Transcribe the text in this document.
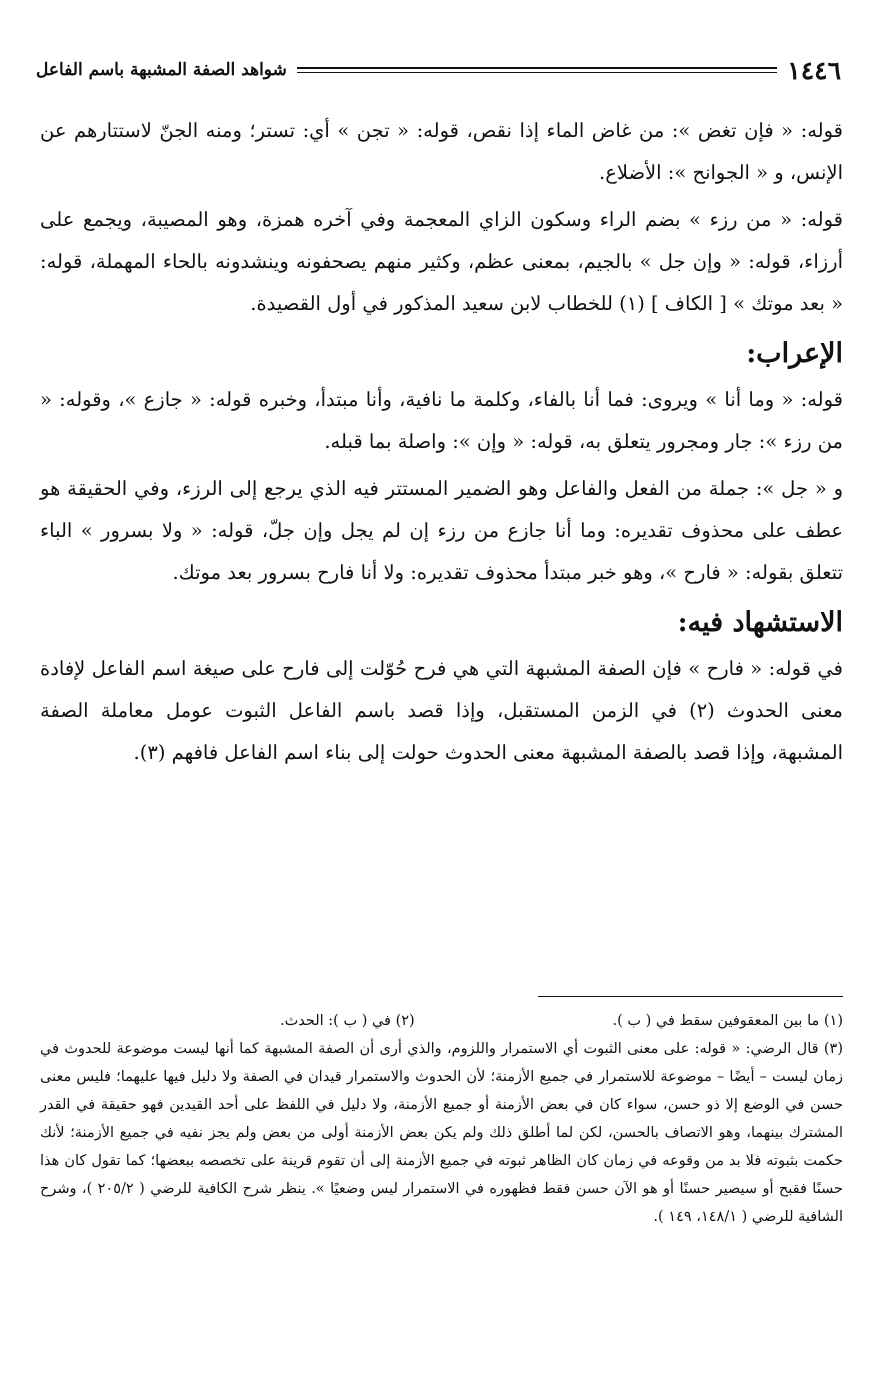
١٤٤٦
شواهد الصفة المشبهة باسم الفاعل

قوله: « فإن تغض »: من غاض الماء إذا نقص، قوله: « تجن » أي: تستر؛ ومنه الجنّ لاستتارهم عن الإنس، و « الجوانح »: الأضلاع.

قوله: « من رزء » بضم الراء وسكون الزاي المعجمة وفي آخره همزة، وهو المصيبة، ويجمع على أرزاء، قوله: « وإن جل » بالجيم، بمعنى عظم، وكثير منهم يصحفونه وينشدونه بالحاء المهملة، قوله: « بعد موتك » [ الكاف ] (١) للخطاب لابن سعيد المذكور في أول القصيدة.

الإعراب:

قوله: « وما أنا » ويروى: فما أنا بالفاء، وكلمة ما نافية، وأنا مبتدأ، وخبره قوله: « جازع »، وقوله: « من رزء »: جار ومجرور يتعلق به، قوله: « وإن »: واصلة بما قبله.

و « جل »: جملة من الفعل والفاعل وهو الضمير المستتر فيه الذي يرجع إلى الرزء، وفي الحقيقة هو عطف على محذوف تقديره: وما أنا جازع من رزء إن لم يجل وإن جلّ، قوله: « ولا بسرور » الباء تتعلق بقوله: « فارح »، وهو خبر مبتدأ محذوف تقديره: ولا أنا فارح بسرور بعد موتك.

الاستشهاد فيه:

في قوله: « فارح » فإن الصفة المشبهة التي هي فرح حُوّلت إلى فارح على صيغة اسم الفاعل لإفادة معنى الحدوث (٢) في الزمن المستقبل، وإذا قصد باسم الفاعل الثبوت عومل معاملة الصفة المشبهة، وإذا قصد بالصفة المشبهة معنى الحدوث حولت إلى بناء اسم الفاعل فافهم (٣).

(١) ما بين المعقوفين سقط في ( ب ).
(٢) في ( ب ): الحدث.

(٣) قال الرضي: « قوله: على معنى الثبوت أي الاستمرار واللزوم، والذي أرى أن الصفة المشبهة كما أنها ليست موضوعة للحدوث في زمان ليست – أيضًا – موضوعة للاستمرار في جميع الأزمنة؛ لأن الحدوث والاستمرار قيدان في الصفة ولا دليل فيها عليهما؛ فليس معنى حسن في الوضع إلا ذو حسن، سواء كان في بعض الأزمنة أو جميع الأزمنة، ولا دليل في اللفظ على أحد القيدين فهو حقيقة في القدر المشترك بينهما، وهو الاتصاف بالحسن، لكن لما أطلق ذلك ولم يكن بعض الأزمنة أولى من بعض ولم يجز نفيه في جميع الأزمنة؛ لأنك حكمت بثبوته فلا بد من وقوعه في زمان كان الظاهر ثبوته في جميع الأزمنة إلى أن تقوم قرينة على تخصصه ببعضها؛ كما تقول كان هذا حسنًا فقبح أو سيصير حسنًا أو هو الآن حسن فقط فظهوره في الاستمرار ليس وضعيًا ». ينظر شرح الكافية للرضي ( ٢٠٥/٢ )، وشرح الشافية للرضي ( ١٤٨/١، ١٤٩ ).
